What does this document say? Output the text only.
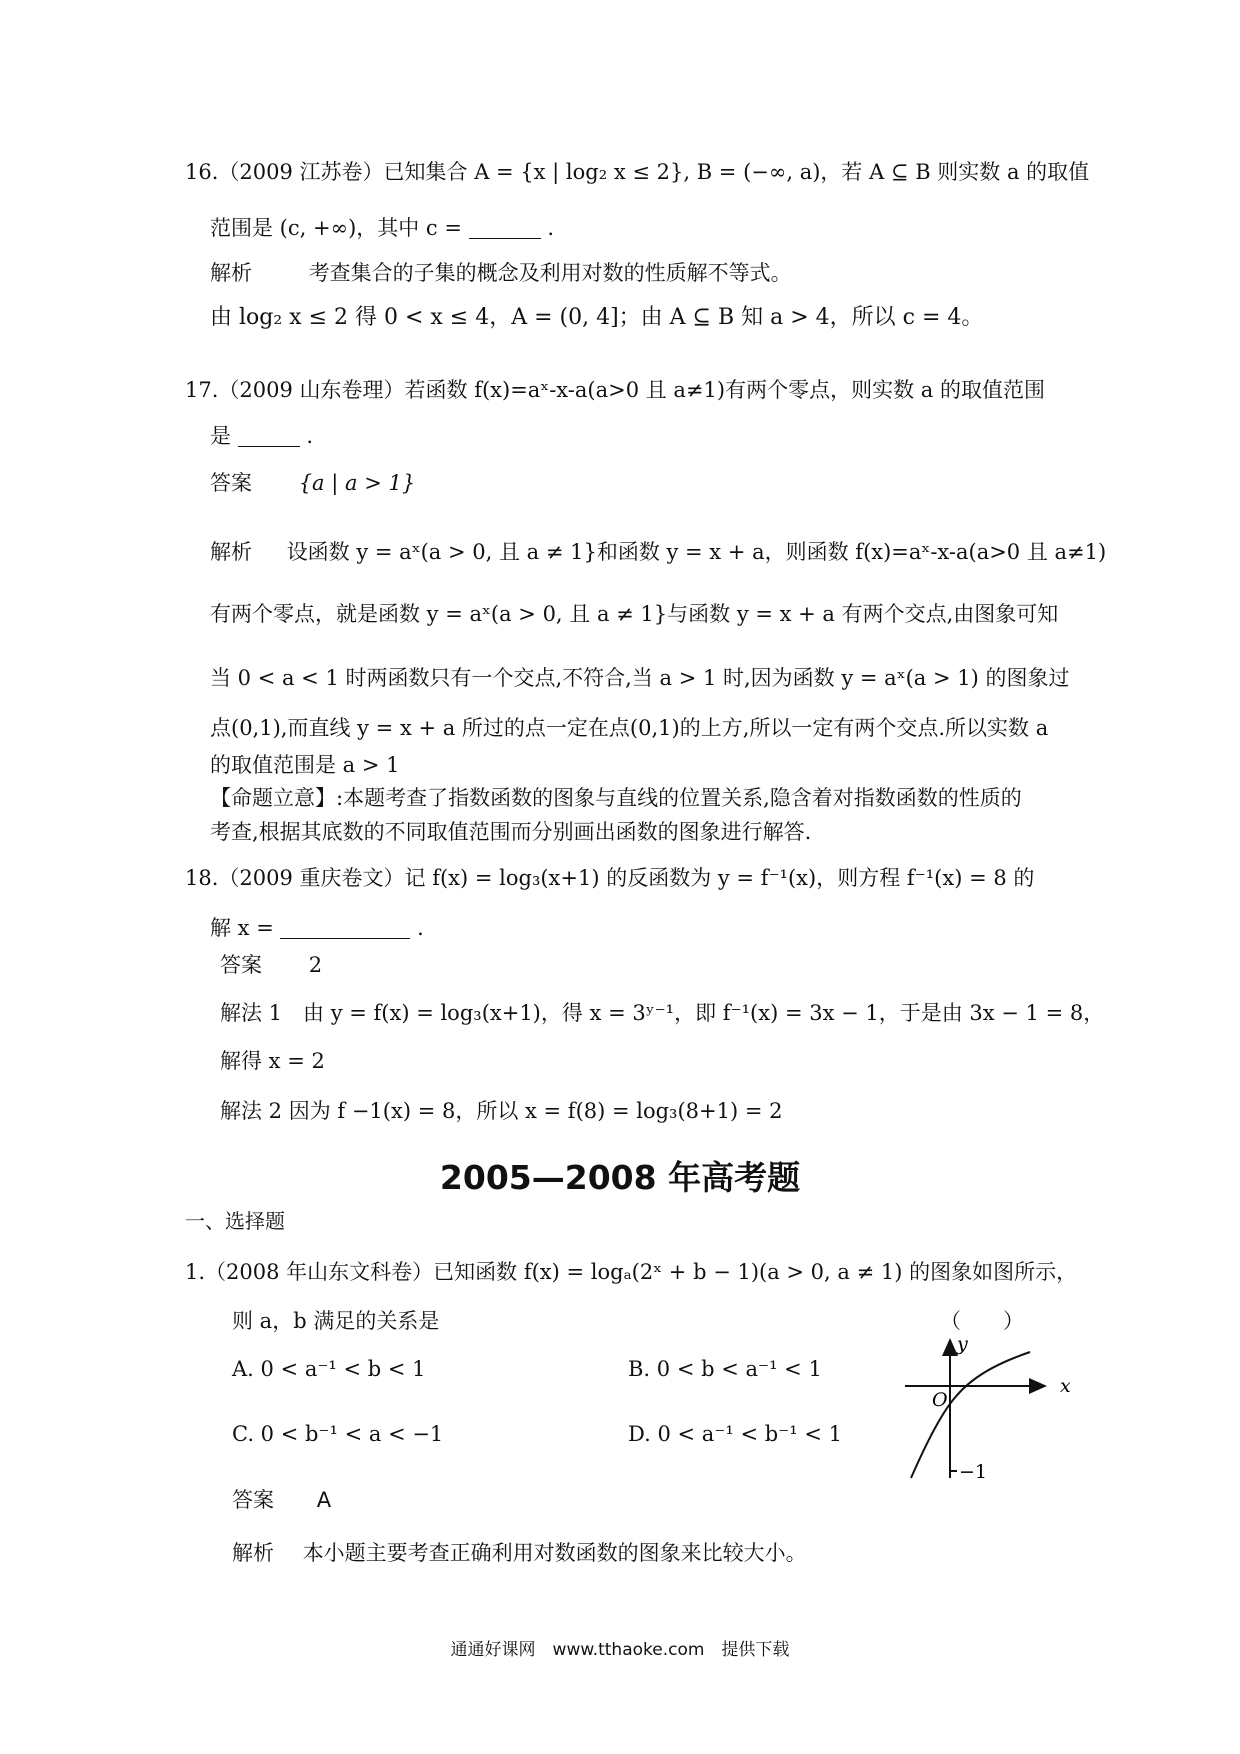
16.（2009 江苏卷）已知集合 A = {x | log₂ x ≤ 2}, B = (−∞, a)，若 A ⊆ B 则实数 a 的取值
范围是 (c, +∞)，其中 c =	.
解析	考查集合的子集的概念及利用对数的性质解不等式。
由 log₂ x ≤ 2 得 0 < x ≤ 4，A = (0, 4]；由 A ⊆ B 知 a > 4，所以 c = 4。
17.（2009 山东卷理）若函数 f(x)=aˣ-x-a(a>0 且 a≠1)有两个零点，则实数 a 的取值范围
是	.
答案 {a | a > 1}
解析 设函数 y = aˣ(a > 0, 且 a ≠ 1}和函数 y = x + a，则函数 f(x)=aˣ-x-a(a>0 且 a≠1)
有两个零点，就是函数 y = aˣ(a > 0, 且 a ≠ 1}与函数 y = x + a 有两个交点,由图象可知
当 0 < a < 1 时两函数只有一个交点,不符合,当 a > 1 时,因为函数 y = aˣ(a > 1) 的图象过
点(0,1),而直线 y = x + a 所过的点一定在点(0,1)的上方,所以一定有两个交点.所以实数 a
的取值范围是 a > 1
【命题立意】:本题考查了指数函数的图象与直线的位置关系,隐含着对指数函数的性质的
考查,根据其底数的不同取值范围而分别画出函数的图象进行解答.
18.（2009 重庆卷文）记 f(x) = log₃(x+1) 的反函数为 y = f⁻¹(x)，则方程 f⁻¹(x) = 8 的
解 x =	.
答案 2
解法 1　由 y = f(x) = log₃(x+1)，得 x = 3ʸ⁻¹，即 f⁻¹(x) = 3x − 1，于是由 3x − 1 = 8，
解得 x = 2
解法 2 因为 f −1(x) = 8，所以 x = f(8) = log₃(8+1) = 2
2005—2008 年高考题
一、选择题
1.（2008 年山东文科卷）已知函数 f(x) = logₐ(2ˣ + b − 1)(a > 0, a ≠ 1) 的图象如图所示，
则 a，b 满足的关系是	（　　）
A. 0 < a⁻¹ < b < 1	B. 0 < b < a⁻¹ < 1
C. 0 < b⁻¹ < a < −1	D. 0 < a⁻¹ < b⁻¹ < 1
x
y
O
−1
答案 A
解析 本小题主要考查正确利用对数函数的图象来比较大小。
通通好课网　www.tthaoke.com　提供下载
